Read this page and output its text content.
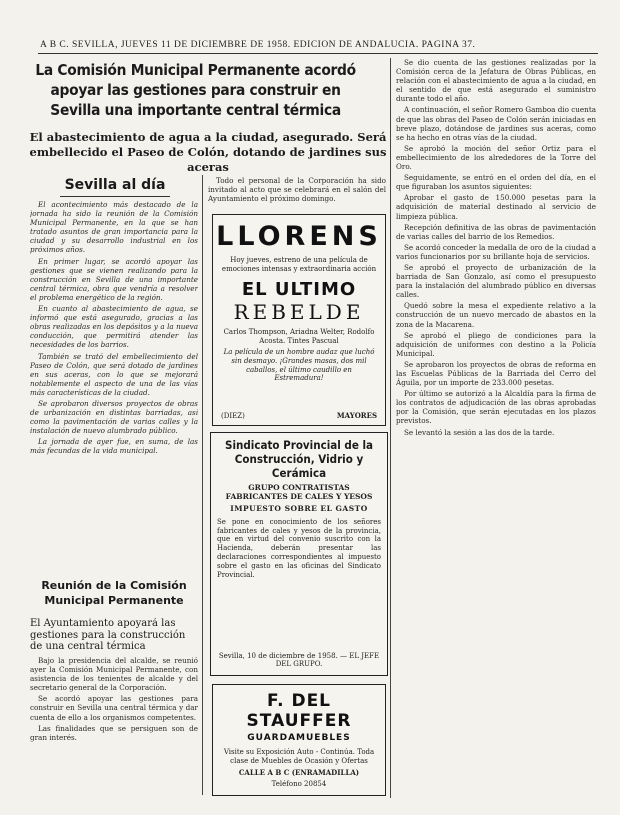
A B C. SEVILLA, JUEVES 11 DE DICIEMBRE DE 1958. EDICION DE ANDALUCIA. PAGINA 37.
La Comisión Municipal Permanente acordó apoyar las gestiones para construir en Sevilla una importante central térmica
El abastecimiento de agua a la ciudad, asegurado. Será embellecido el Paseo de Colón, dotando de jardines sus aceras
Sevilla al día

El acontecimiento más destacado de la jornada ha sido la reunión de la Comisión Municipal Permanente, en la que se han tratado asuntos de gran importancia para la ciudad y su desarrollo industrial en los próximos años.

En primer lugar, se acordó apoyar las gestiones que se vienen realizando para la construcción en Sevilla de una importante central térmica, obra que vendría a resolver el problema energético de la región.

En cuanto al abastecimiento de agua, se informó que está asegurado, gracias a las obras realizadas en los depósitos y a la nueva conducción, que permitirá atender las necesidades de los barrios.

También se trató del embellecimiento del Paseo de Colón, que será dotado de jardines en sus aceras, con lo que se mejorará notablemente el aspecto de una de las vías más características de la ciudad.

Se aprobaron diversos proyectos de obras de urbanización en distintas barriadas, así como la pavimentación de varias calles y la instalación de nuevo alumbrado público.

La jornada de ayer fue, en suma, de las más fecundas de la vida municipal.

Reunión de la Comisión Municipal Permanente

El Ayuntamiento apoyará las gestiones para la construcción de una central térmica

Bajo la presidencia del alcalde, se reunió ayer la Comisión Municipal Permanente, con asistencia de los tenientes de alcalde y del secretario general de la Corporación.

Se acordó apoyar las gestiones para construir en Sevilla una central térmica y dar cuenta de ello a los organismos competentes.

Las finalidades que se persiguen son de gran interés.

Todo el personal de la Corporación ha sido invitado al acto que se celebrará en el salón del Ayuntamiento el próximo domingo.

LLORENS
Hoy jueves, estreno de una película de emociones intensas y extraordinaria acción
EL ULTIMO
REBELDE
Carlos Thompson, Ariadna Welter, Rodolfo Acosta. Tintes Pascual
La película de un hombre audaz que luchó sin desmayo. ¡Grandes masas, dos mil caballos, el último caudillo en Estremadura!
(DIEZ)	MAYORES
Sindicato Provincial de la Construcción, Vidrio y Cerámica
GRUPO CONTRATISTAS FABRICANTES DE CALES Y YESOS
IMPUESTO SOBRE EL GASTO
Se pone en conocimiento de los señores fabricantes de cales y yesos de la provincia, que en virtud del convenio suscrito con la Hacienda, deberán presentar las declaraciones correspondientes al impuesto sobre el gasto en las oficinas del Sindicato Provincial.
Sevilla, 10 de diciembre de 1958. — EL JEFE DEL GRUPO.
F. DEL STAUFFER
GUARDAMUEBLES
Visite su Exposición Auto - Continúa. Toda clase de Muebles de Ocasión y Ofertas
CALLE A B C (ENRAMADILLA)
Teléfono 20854

Se dio cuenta de las gestiones realizadas por la Comisión cerca de la Jefatura de Obras Públicas, en relación con el abastecimiento de agua a la ciudad, en el sentido de que está asegurado el suministro durante todo el año.

A continuación, el señor Romero Gamboa dio cuenta de que las obras del Paseo de Colón serán iniciadas en breve plazo, dotándose de jardines sus aceras, como se ha hecho en otras vías de la ciudad.

Se aprobó la moción del señor Ortiz para el embellecimiento de los alrededores de la Torre del Oro.

Seguidamente, se entró en el orden del día, en el que figuraban los asuntos siguientes:

Aprobar el gasto de 150.000 pesetas para la adquisición de material destinado al servicio de limpieza pública.

Recepción definitiva de las obras de pavimentación de varias calles del barrio de los Remedios.

Se acordó conceder la medalla de oro de la ciudad a varios funcionarios por su brillante hoja de servicios.

Se aprobó el proyecto de urbanización de la barriada de San Gonzalo, así como el presupuesto para la instalación del alumbrado público en diversas calles.

Quedó sobre la mesa el expediente relativo a la construcción de un nuevo mercado de abastos en la zona de la Macarena.

Se aprobó el pliego de condiciones para la adquisición de uniformes con destino a la Policía Municipal.

Se aprobaron los proyectos de obras de reforma en las Escuelas Públicas de la Barriada del Cerro del Águila, por un importe de 233.000 pesetas.

Por último se autorizó a la Alcaldía para la firma de los contratos de adjudicación de las obras aprobadas por la Comisión, que serán ejecutadas en los plazos previstos.

Se levantó la sesión a las dos de la tarde.
